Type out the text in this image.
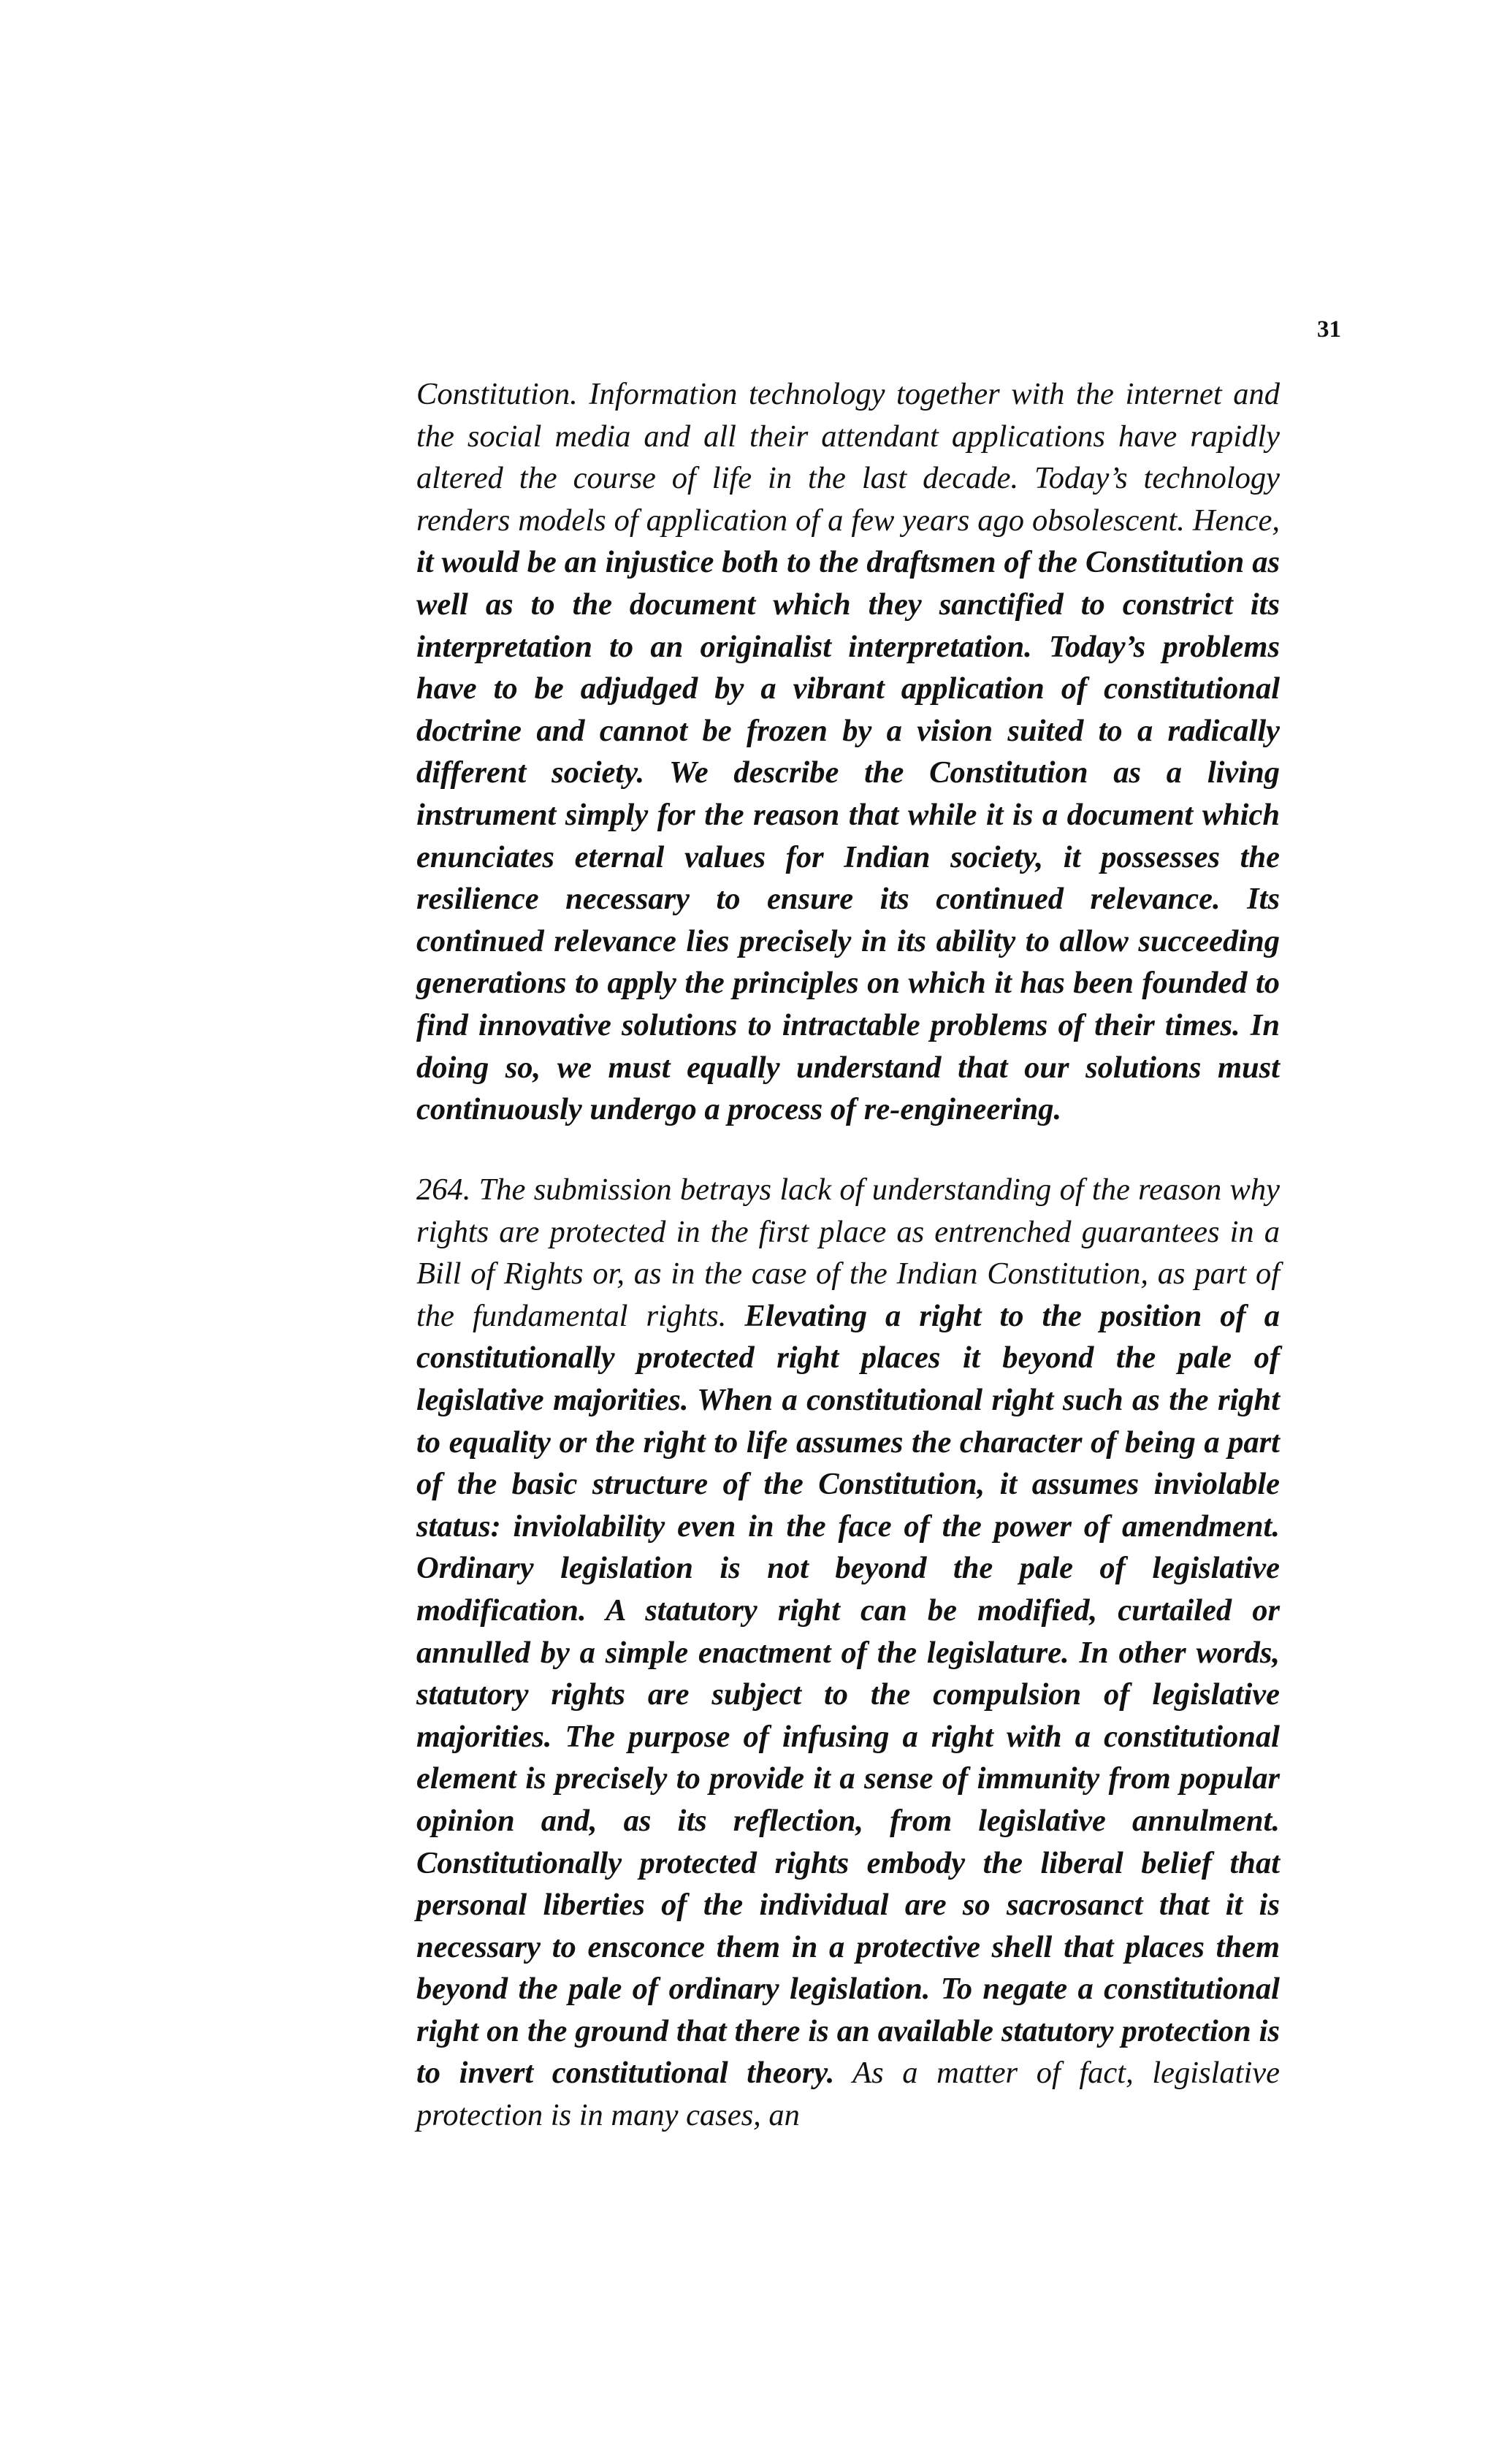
31

Constitution. Information technology together with the internet and the social media and all their attendant applications have rapidly altered the course of life in the last decade. Today’s technology renders models of application of a few years ago obsolescent. Hence, it would be an injustice both to the draftsmen of the Constitution as well as to the document which they sanctified to constrict its interpretation to an originalist interpretation. Today’s problems have to be adjudged by a vibrant application of constitutional doctrine and cannot be frozen by a vision suited to a radically different society. We describe the Constitution as a living instrument simply for the reason that while it is a document which enunciates eternal values for Indian society, it possesses the resilience necessary to ensure its continued relevance. Its continued relevance lies precisely in its ability to allow succeeding generations to apply the principles on which it has been founded to find innovative solutions to intractable problems of their times. In doing so, we must equally understand that our solutions must continuously undergo a process of re-engineering.

264. The submission betrays lack of understanding of the reason why rights are protected in the first place as entrenched guarantees in a Bill of Rights or, as in the case of the Indian Constitution, as part of the fundamental rights. Elevating a right to the position of a constitutionally protected right places it beyond the pale of legislative majorities. When a constitutional right such as the right to equality or the right to life assumes the character of being a part of the basic structure of the Constitution, it assumes inviolable status: inviolability even in the face of the power of amendment. Ordinary legislation is not beyond the pale of legislative modification. A statutory right can be modified, curtailed or annulled by a simple enactment of the legislature. In other words, statutory rights are subject to the compulsion of legislative majorities. The purpose of infusing a right with a constitutional element is precisely to provide it a sense of immunity from popular opinion and, as its reflection, from legislative annulment. Constitutionally protected rights embody the liberal belief that personal liberties of the individual are so sacrosanct that it is necessary to ensconce them in a protective shell that places them beyond the pale of ordinary legislation. To negate a constitutional right on the ground that there is an available statutory protection is to invert constitutional theory. As a matter of fact, legislative protection is in many cases, an
